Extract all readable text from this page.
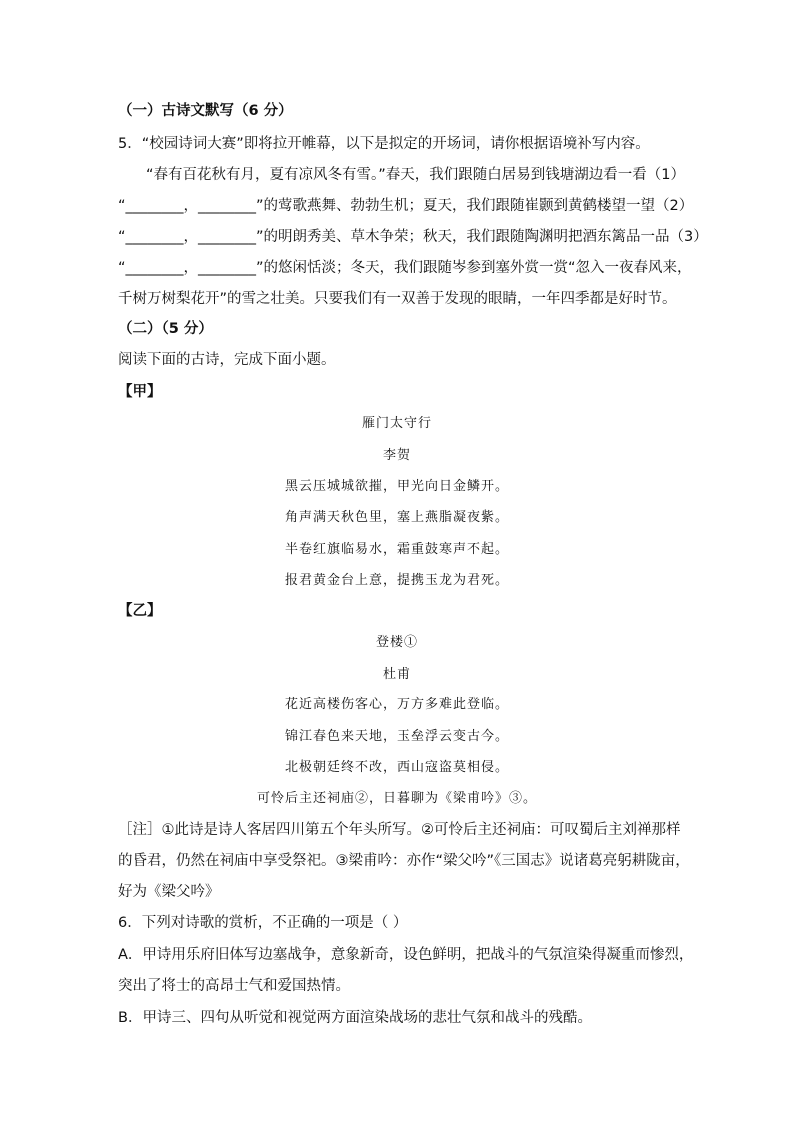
（一）古诗文默写（6 分）
5．“校园诗词大赛”即将拉开帷幕，以下是拟定的开场词，请你根据语境补写内容。
“春有百花秋有月，夏有凉风冬有雪。”春天，我们跟随白居易到钱塘湖边看一看（1）
“________，________”的莺歌燕舞、勃勃生机；夏天，我们跟随崔颢到黄鹤楼望一望（2）
“________，________”的明朗秀美、草木争荣；秋天，我们跟随陶渊明把酒东篱品一品（3）
“________，________”的悠闲恬淡；冬天，我们跟随岑参到塞外赏一赏“忽入一夜春风来，
千树万树梨花开”的雪之壮美。只要我们有一双善于发现的眼睛，一年四季都是好时节。
（二）（5 分）
阅读下面的古诗，完成下面小题。
【甲】
雁门太守行
李贺
黑云压城城欲摧，甲光向日金鳞开。
角声满天秋色里，塞上燕脂凝夜紫。
半卷红旗临易水，霜重鼓寒声不起。
报君黄金台上意，提携玉龙为君死。
【乙】
登楼①
杜甫
花近高楼伤客心，万方多难此登临。
锦江春色来天地，玉垒浮云变古今。
北极朝廷终不改，西山寇盗莫相侵。
可怜后主还祠庙②，日暮聊为《梁甫吟》③。
［注］①此诗是诗人客居四川第五个年头所写。②可怜后主还祠庙：可叹蜀后主刘禅那样
的昏君，仍然在祠庙中享受祭祀。③梁甫吟：亦作“梁父吟”《三国志》说诸葛亮躬耕陇亩，
好为《梁父吟》
6．下列对诗歌的赏析，不正确的一项是（ ）
A．甲诗用乐府旧体写边塞战争，意象新奇，设色鲜明，把战斗的气氛渲染得凝重而惨烈，
突出了将士的高昂士气和爱国热情。
B．甲诗三、四句从听觉和视觉两方面渲染战场的悲壮气氛和战斗的残酷。
